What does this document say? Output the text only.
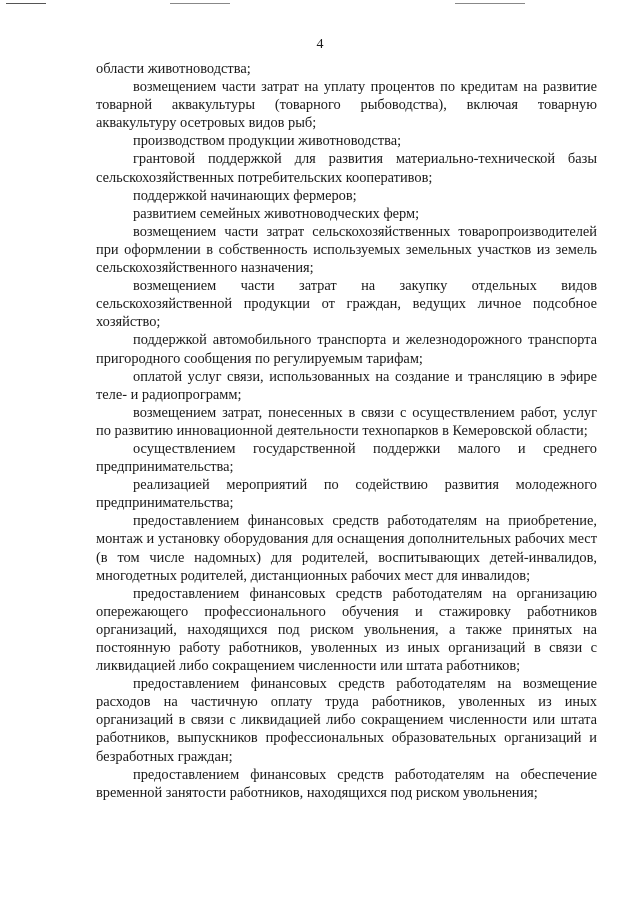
4

области животноводства;

возмещением части затрат на уплату процентов по кредитам на развитие товарной аквакультуры (товарного рыбоводства), включая товарную аквакультуру осетровых видов рыб;

производством продукции животноводства;

грантовой поддержкой для развития материально-технической базы сельскохозяйственных потребительских кооперативов;

поддержкой начинающих фермеров;

развитием семейных животноводческих ферм;

возмещением части затрат сельскохозяйственных товаропроизводителей при оформлении в собственность используемых земельных участков из земель сельскохозяйственного назначения;

возмещением части затрат на закупку отдельных видов сельскохозяйственной продукции от граждан, ведущих личное подсобное хозяйство;

поддержкой автомобильного транспорта и железнодорожного транспорта пригородного сообщения по регулируемым тарифам;

оплатой услуг связи, использованных на создание и трансляцию в эфире теле- и радиопрограмм;

возмещением затрат, понесенных в связи с осуществлением работ, услуг по развитию инновационной деятельности технопарков в Кемеровской области;

осуществлением государственной поддержки малого и среднего предпринимательства;

реализацией мероприятий по содействию развития молодежного предпринимательства;

предоставлением финансовых средств работодателям на приобретение, монтаж и установку оборудования для оснащения дополнительных рабочих мест (в том числе надомных) для родителей, воспитывающих детей-инвалидов, многодетных родителей, дистанционных рабочих мест для инвалидов;

предоставлением финансовых средств работодателям на организацию опережающего профессионального обучения и стажировку работников организаций, находящихся под риском увольнения, а также принятых на постоянную работу работников, уволенных из иных организаций в связи с ликвидацией либо сокращением численности или штата работников;

предоставлением финансовых средств работодателям на возмещение расходов на частичную оплату труда работников, уволенных из иных организаций в связи с ликвидацией либо сокращением численности или штата работников, выпускников профессиональных образовательных организаций и безработных граждан;

предоставлением финансовых средств работодателям на обеспечение временной занятости работников, находящихся под риском увольнения;
